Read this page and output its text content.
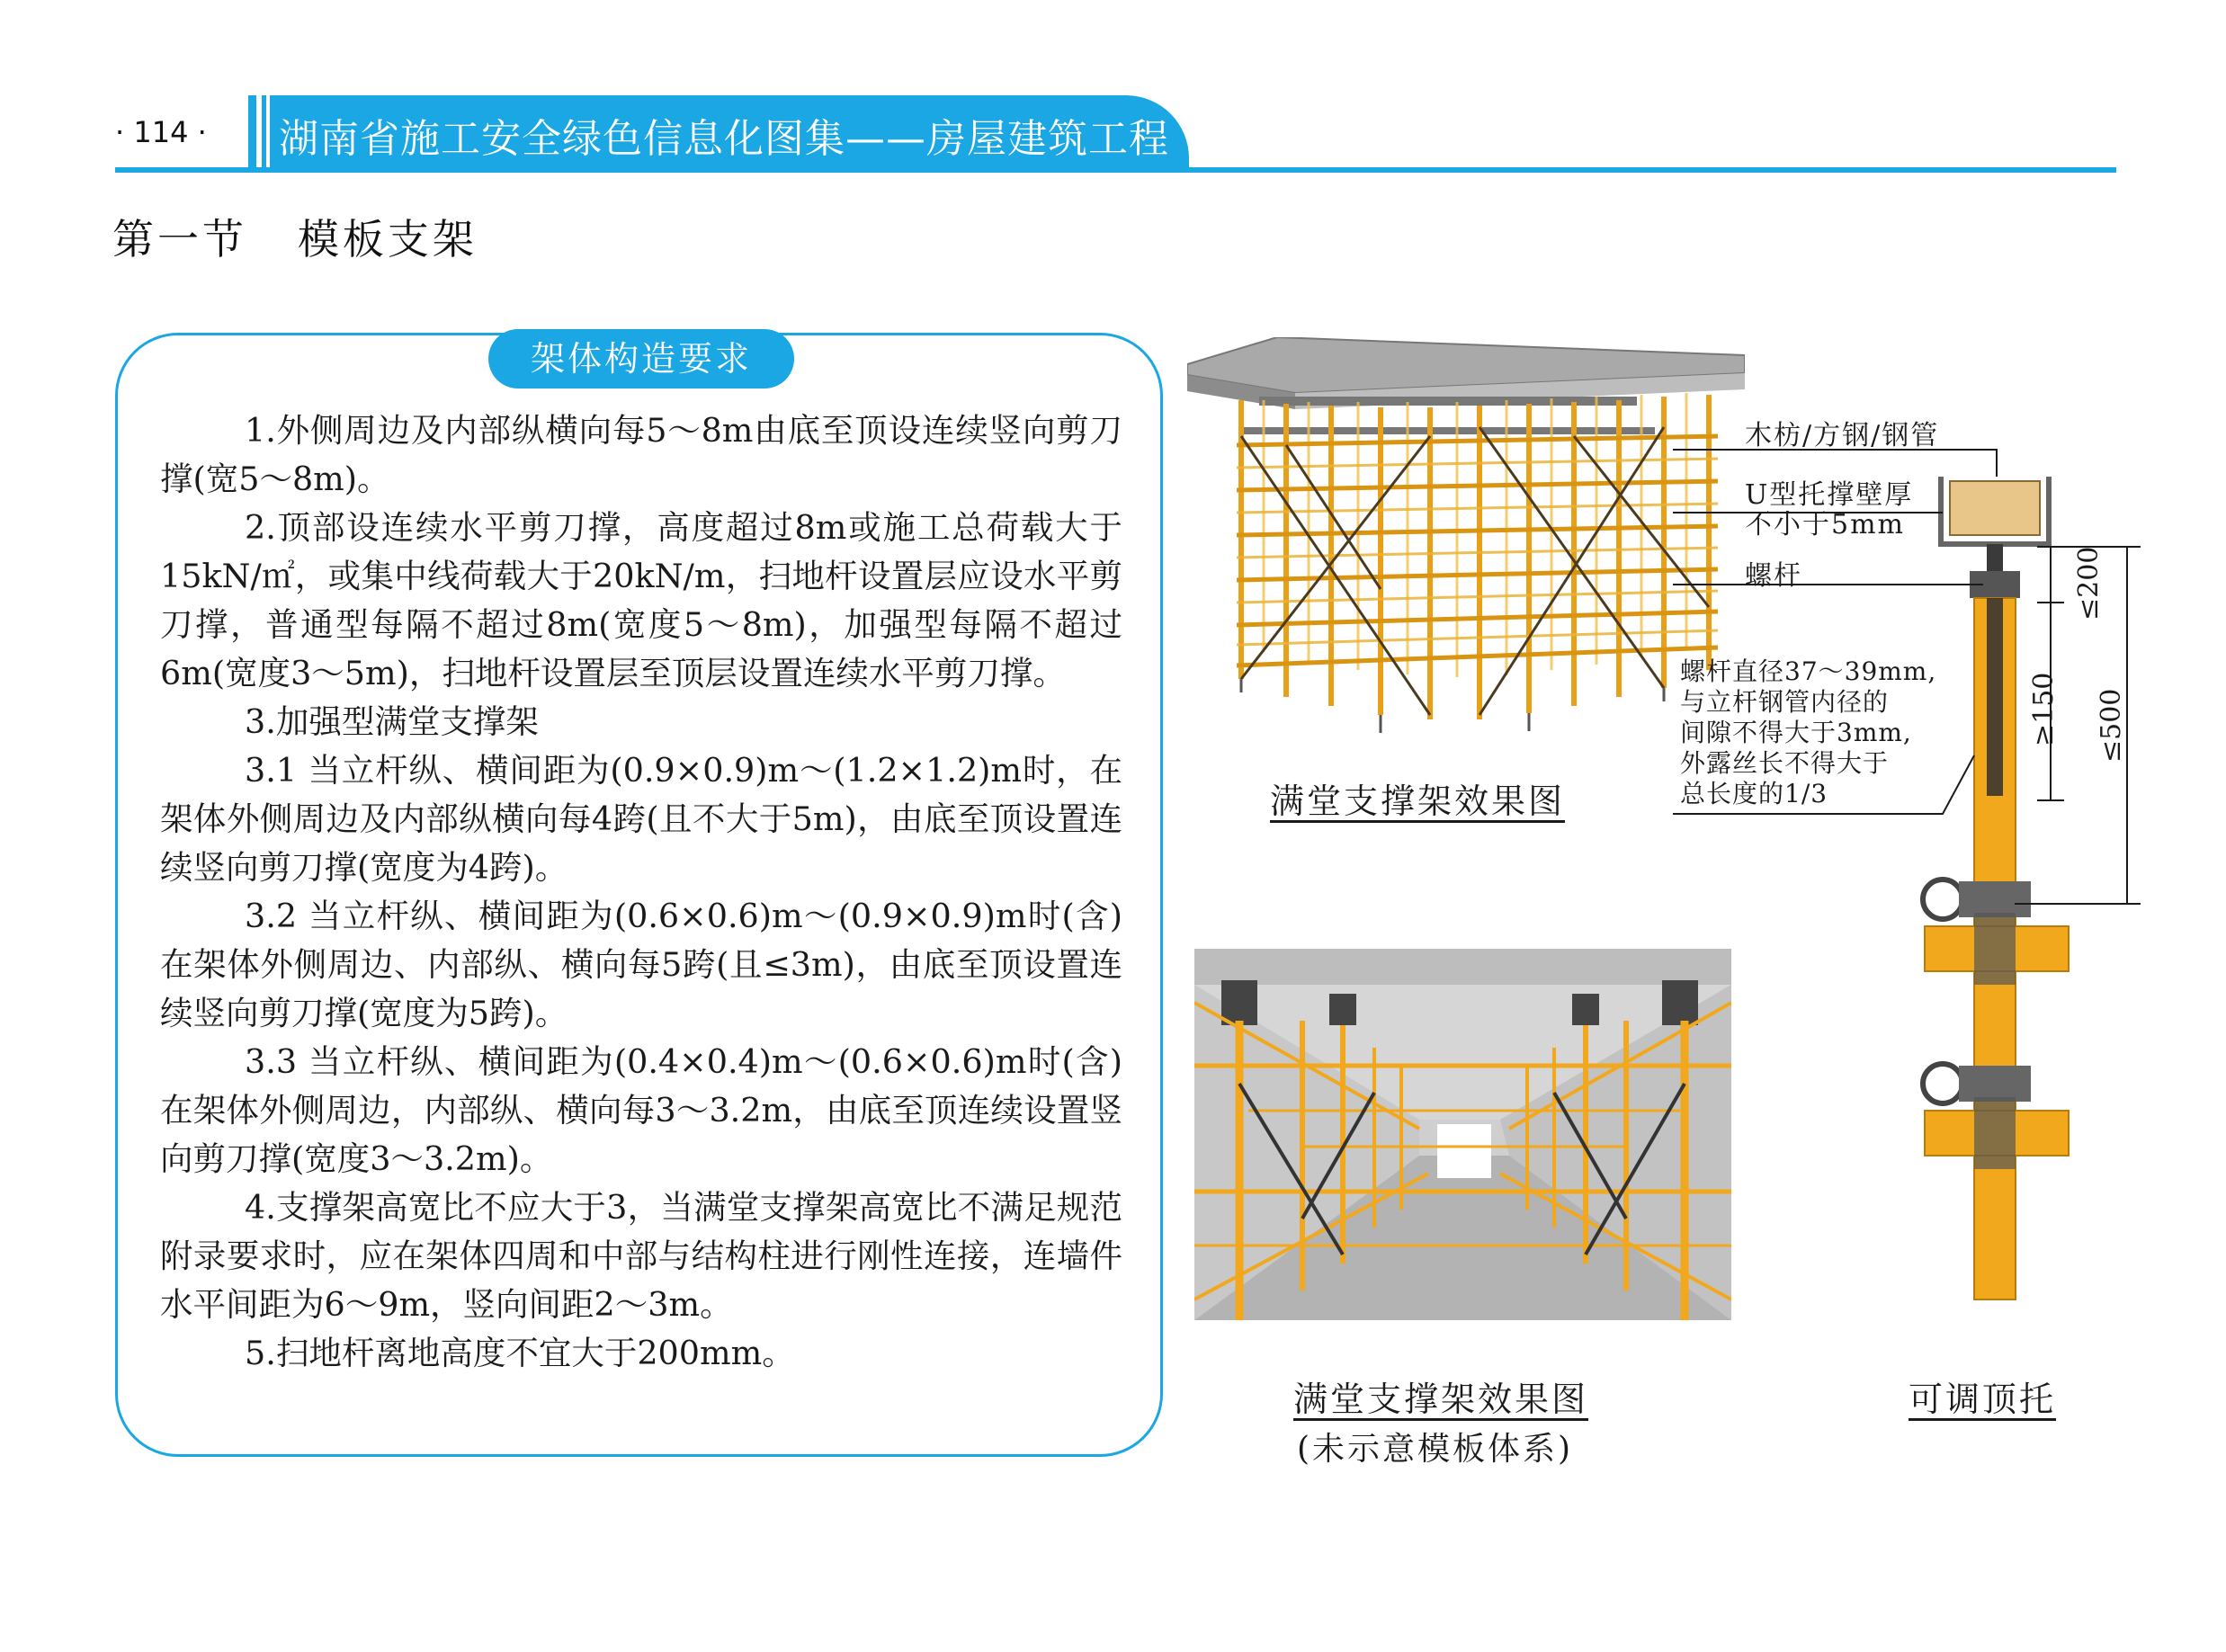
· 114 · 湖南省施工安全绿色信息化图集——房屋建筑工程
第一节   模板支架
架体构造要求

1.外侧周边及内部纵横向每5～8m由底至顶设连续竖向剪刀撑(宽5～8m)。

2.顶部设连续水平剪刀撑，高度超过8m或施工总荷载大于15kN/㎡，或集中线荷载大于20kN/m，扫地杆设置层应设水平剪刀撑，普通型每隔不超过8m(宽度5～8m)，加强型每隔不超过6m(宽度3～5m)，扫地杆设置层至顶层设置连续水平剪刀撑。

3.加强型满堂支撑架

3.1 当立杆纵、横间距为(0.9×0.9)m～(1.2×1.2)m时，在架体外侧周边及内部纵横向每4跨(且不大于5m)，由底至顶设置连续竖向剪刀撑(宽度为4跨)。

3.2 当立杆纵、横间距为(0.6×0.6)m～(0.9×0.9)m时(含)在架体外侧周边、内部纵、横向每5跨(且≤3m)，由底至顶设置连续竖向剪刀撑(宽度为5跨)。

3.3 当立杆纵、横间距为(0.4×0.4)m～(0.6×0.6)m时(含)在架体外侧周边，内部纵、横向每3～3.2m，由底至顶连续设置竖向剪刀撑(宽度3～3.2m)。

4.支撑架高宽比不应大于3，当满堂支撑架高宽比不满足规范附录要求时，应在架体四周和中部与结构柱进行刚性连接，连墙件水平间距为6～9m，竖向间距2～3m。

5.扫地杆离地高度不宜大于200mm。

满堂支撑架效果图
满堂支撑架效果图
(未示意模板体系)
木枋/方钢/钢管
U型托撑壁厚
不小于5mm
螺杆
螺杆直径37～39mm,
与立杆钢管内径的
间隙不得大于3mm,
外露丝长不得大于
总长度的1/3
≤200
≥150 ≤500
可调顶托
